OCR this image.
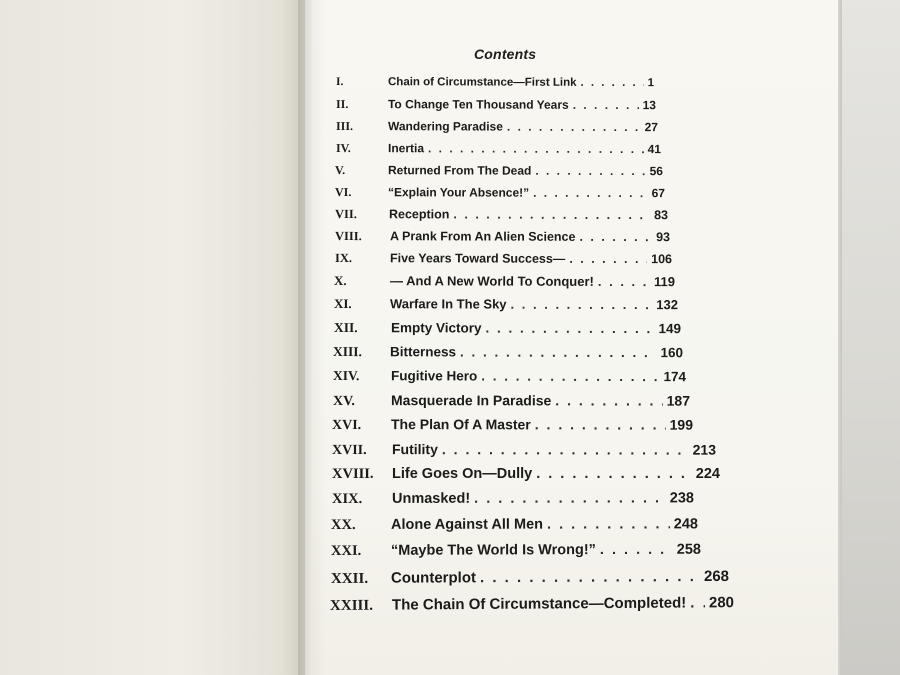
Contents
I.	Chain of Circumstance—First Link . . .	1
II.	To Change Ten Thousand Years . . .	13
III.	Wandering Paradise . . .	27
IV.	Inertia . . .	41
V.	Returned From The Dead . . .	56
VI.	“Explain Your Absence!” . . .	67
VII.	Reception . . .	83
VIII.	A Prank From An Alien Science . . .	93
IX.	Five Years Toward Success— . . .	106
X.	— And A New World To Conquer! . . .	119
XI.	Warfare In The Sky . . .	132
XII.	Empty Victory . . .	149
XIII.	Bitterness . . .	160
XIV.	Fugitive Hero . . .	174
XV.	Masquerade In Paradise . . .	187
XVI.	The Plan Of A Master . . .	199
XVII.	Futility . . .	213
XVIII.	Life Goes On—Dully . . .	224
XIX.	Unmasked! . . .	238
XX.	Alone Against All Men . . .	248
XXI.	“Maybe The World Is Wrong!” . . .	258
XXII.	Counterplot . . .	268
XXIII.	The Chain Of Circumstance—Completed! . . . 280
